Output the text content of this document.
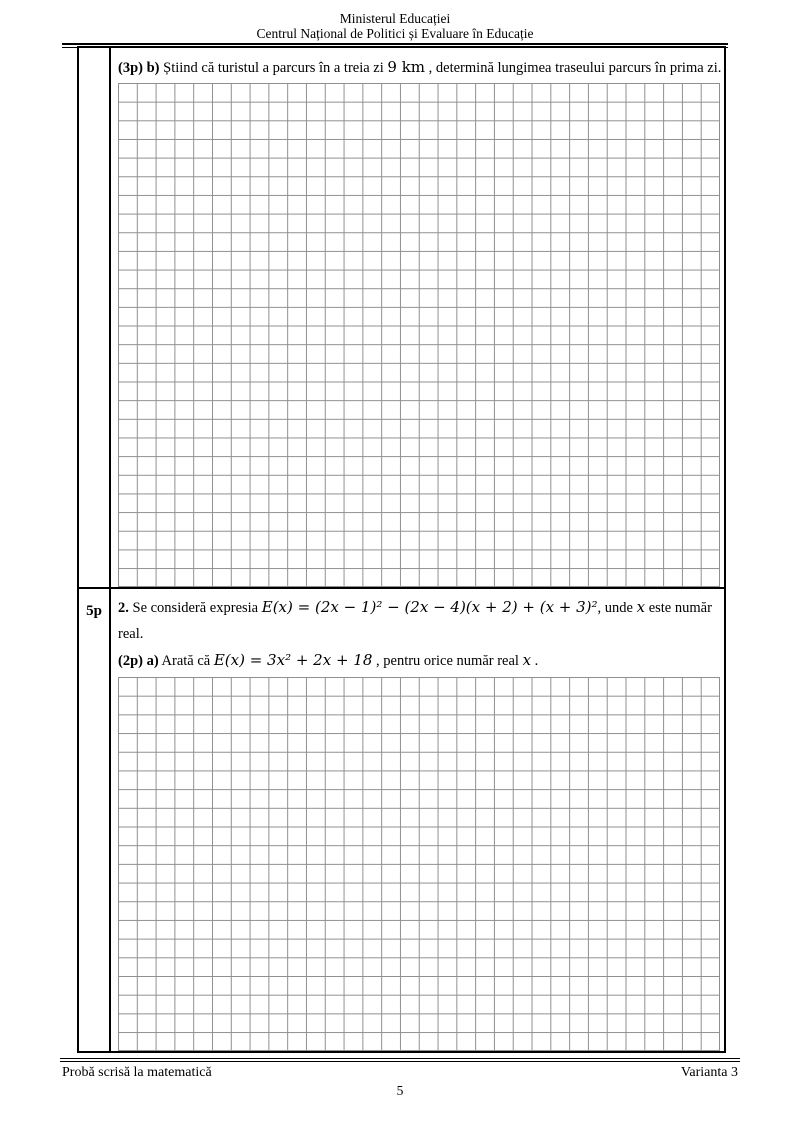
Ministerul Educației
Centrul Național de Politici și Evaluare în Educație

(3p) b) Știind că turistul a parcurs în a treia zi 9 km , determină lungimea traseului parcurs în prima zi.

5p	2. Se consideră expresia E(x) = (2x − 1)² − (2x − 4)(x + 2) + (x + 3)², unde x este număr real.

(2p) a) Arată că E(x) = 3x² + 2x + 18 , pentru orice număr real x .

Probă scrisă la matematică	Varianta 3
5
